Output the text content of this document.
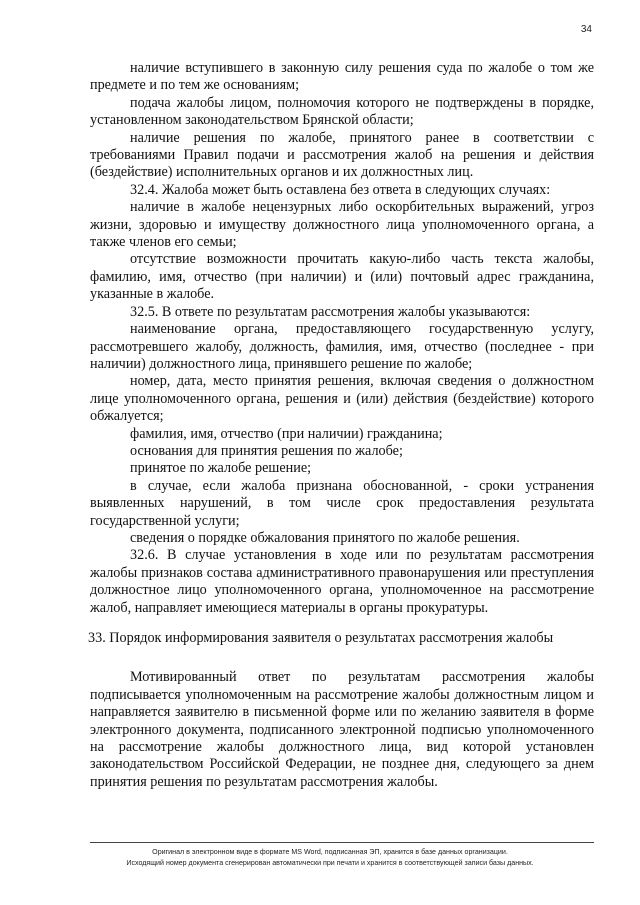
34

наличие вступившего в законную силу решения суда по жалобе о том же предмете и по тем же основаниям;

подача жалобы лицом, полномочия которого не подтверждены в порядке, установленном законодательством Брянской области;

наличие решения по жалобе, принятого ранее в соответствии с требованиями Правил подачи и рассмотрения жалоб на решения и действия (бездействие) исполнительных органов и их должностных лиц.

32.4. Жалоба может быть оставлена без ответа в следующих случаях:

наличие в жалобе нецензурных либо оскорбительных выражений, угроз жизни, здоровью и имуществу должностного лица уполномоченного органа, а также членов его семьи;

отсутствие возможности прочитать какую-либо часть текста жалобы, фамилию, имя, отчество (при наличии) и (или) почтовый адрес гражданина, указанные в жалобе.

32.5. В ответе по результатам рассмотрения жалобы указываются:

наименование органа, предоставляющего государственную услугу, рассмотревшего жалобу, должность, фамилия, имя, отчество (последнее - при наличии) должностного лица, принявшего решение по жалобе;

номер, дата, место принятия решения, включая сведения о должностном лице уполномоченного органа, решения и (или) действия (бездействие) которого обжалуется;

фамилия, имя, отчество (при наличии) гражданина;

основания для принятия решения по жалобе;

принятое по жалобе решение;

в случае, если жалоба признана обоснованной, - сроки устранения выявленных нарушений, в том числе срок предоставления результата государственной услуги;

сведения о порядке обжалования принятого по жалобе решения.

32.6. В случае установления в ходе или по результатам рассмотрения жалобы признаков состава административного правонарушения или преступления должностное лицо уполномоченного органа, уполномоченное на рассмотрение жалоб, направляет имеющиеся материалы в органы прокуратуры.

33. Порядок информирования заявителя о результатах рассмотрения жалобы

Мотивированный ответ по результатам рассмотрения жалобы подписывается уполномоченным на рассмотрение жалобы должностным лицом и направляется заявителю в письменной форме или по желанию заявителя в форме электронного документа, подписанного электронной подписью уполномоченного на рассмотрение жалобы должностного лица, вид которой установлен законодательством Российской Федерации, не позднее дня, следующего за днем принятия решения по результатам рассмотрения жалобы.

Оригинал в электронном виде в формате MS Word, подписанная ЭП, хранится в базе данных организации.
Исходящий номер документа сгенерирован автоматически при печати и хранится в соответствующей записи базы данных.
